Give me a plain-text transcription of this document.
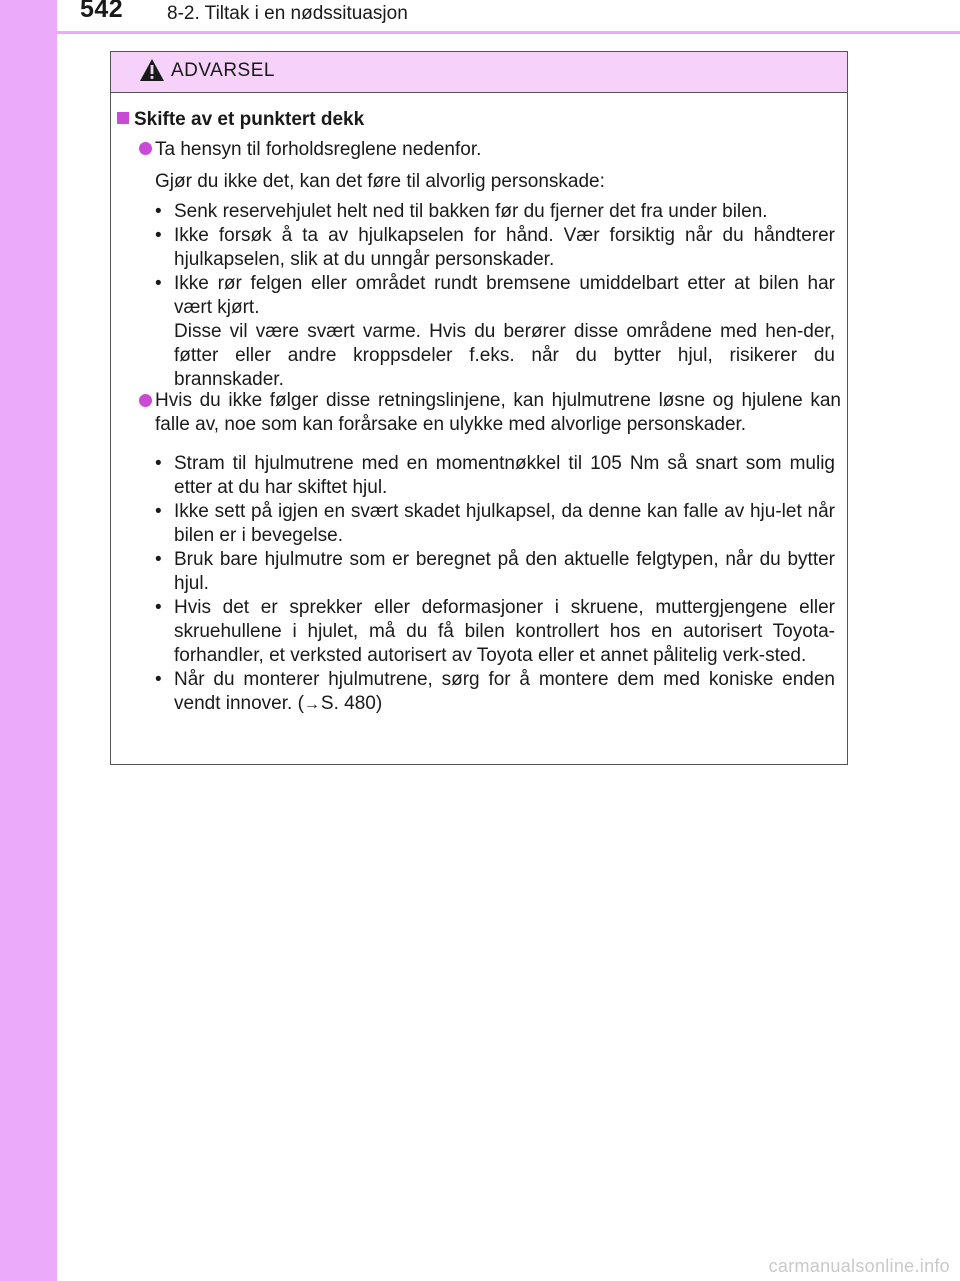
542 8-2. Tiltak i en nødssituasjon
ADVARSEL
Skifte av et punktert dekk
Ta hensyn til forholdsreglene nedenfor.
Gjør du ikke det, kan det føre til alvorlig personskade:
• Senk reservehjulet helt ned til bakken før du fjerner det fra under bilen.
• Ikke forsøk å ta av hjulkapselen for hånd. Vær forsiktig når du håndterer hjulkapselen, slik at du unngår personskader.
• Ikke rør felgen eller området rundt bremsene umiddelbart etter at bilen har vært kjørt.
Disse vil være svært varme. Hvis du berører disse områdene med hen-der, føtter eller andre kroppsdeler f.eks. når du bytter hjul, risikerer du brannskader.
Hvis du ikke følger disse retningslinjene, kan hjulmutrene løsne og hjulene kan falle av, noe som kan forårsake en ulykke med alvorlige personskader.
• Stram til hjulmutrene med en momentnøkkel til 105 Nm så snart som mulig etter at du har skiftet hjul.
• Ikke sett på igjen en svært skadet hjulkapsel, da denne kan falle av hju-let når bilen er i bevegelse.
• Bruk bare hjulmutre som er beregnet på den aktuelle felgtypen, når du bytter hjul.
• Hvis det er sprekker eller deformasjoner i skruene, muttergjengene eller skruehullene i hjulet, må du få bilen kontrollert hos en autorisert Toyota-forhandler, et verksted autorisert av Toyota eller et annet pålitelig verk-sted.
• Når du monterer hjulmutrene, sørg for å montere dem med koniske enden vendt innover. (→S. 480)
carmanualsonline.info
